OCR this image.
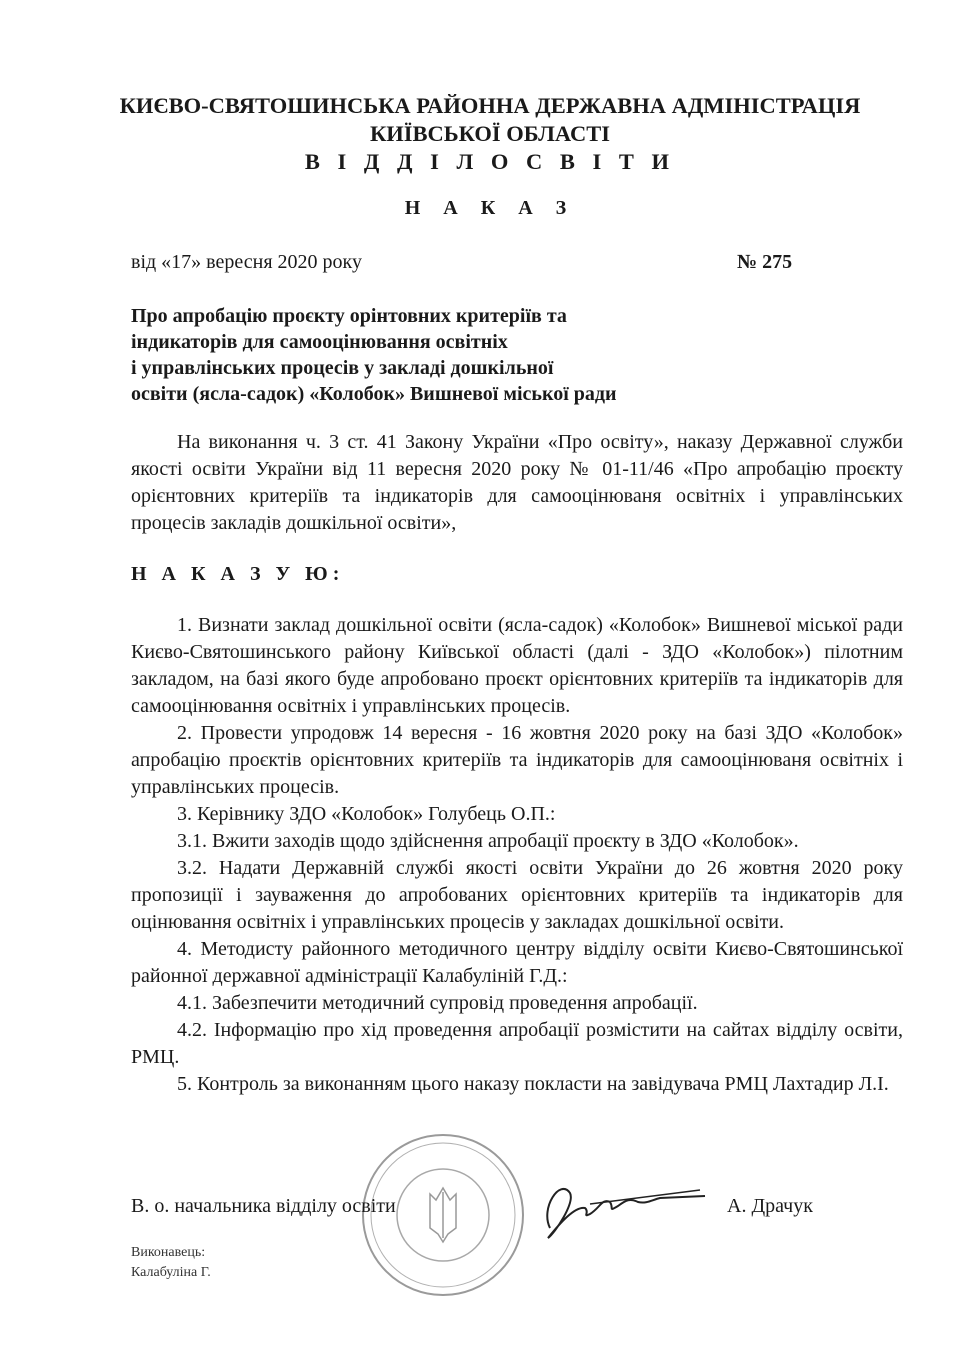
КИЄВО-СВЯТОШИНСЬКА РАЙОННА ДЕРЖАВНА АДМІНІСТРАЦІЯ
КИЇВСЬКОЇ ОБЛАСТІ
В І Д Д І Л О С В І Т И
Н А К А З
від «17» вересня 2020 року	№ 275
Про апробацію проєкту орінтовних критеріїв та
індикаторів для самооцінювання освітніх
і управлінських процесів у закладі дошкільної
освіти (ясла-садок) «Колобок» Вишневої міської ради

На виконання ч. 3 ст. 41 Закону України «Про освіту», наказу Державної служби якості освіти України від 11 вересня 2020 року № 01-11/46 «Про апробацію проєкту орієнтовних критеріїв та індикаторів для самооцінюваня освітніх і управлінських процесів закладів дошкільної освіти»,

Н А К А З У Ю:

1. Визнати заклад дошкільної освіти (ясла-садок) «Колобок» Вишневої міської ради Києво-Святошинського району Київської області (далі - ЗДО «Колобок») пілотним закладом, на базі якого буде апробовано проєкт орієнтовних критеріїв та індикаторів для самооцінювання освітніх і управлінських процесів.

2. Провести упродовж 14 вересня - 16 жовтня 2020 року на базі ЗДО «Колобок» апробацію проєктів орієнтовних критеріїв та індикаторів для самооцінюваня освітніх і управлінських процесів.

3. Керівнику ЗДО «Колобок» Голубець О.П.:

3.1. Вжити заходів щодо здійснення апробації проєкту в ЗДО «Колобок».

3.2. Надати Державній службі якості освіти України до 26 жовтня 2020 року пропозиції і зауваження до апробованих орієнтовних критеріїв та індикаторів для оцінювання освітніх і управлінських процесів у закладах дошкільної освіти.

4. Методисту районного методичного центру відділу освіти Києво-Святошинської районної державної адміністрації Калабуліній Г.Д.:

4.1. Забезпечити методичний супровід проведення апробації.

4.2. Інформацію про хід проведення апробації розмістити на сайтах відділу освіти, РМЦ.

5. Контроль за виконанням цього наказу покласти на завідувача РМЦ Лахтадир Л.І.

В. о. начальника відділу освіти	А. Драчук
Виконавець:
Калабуліна Г.
